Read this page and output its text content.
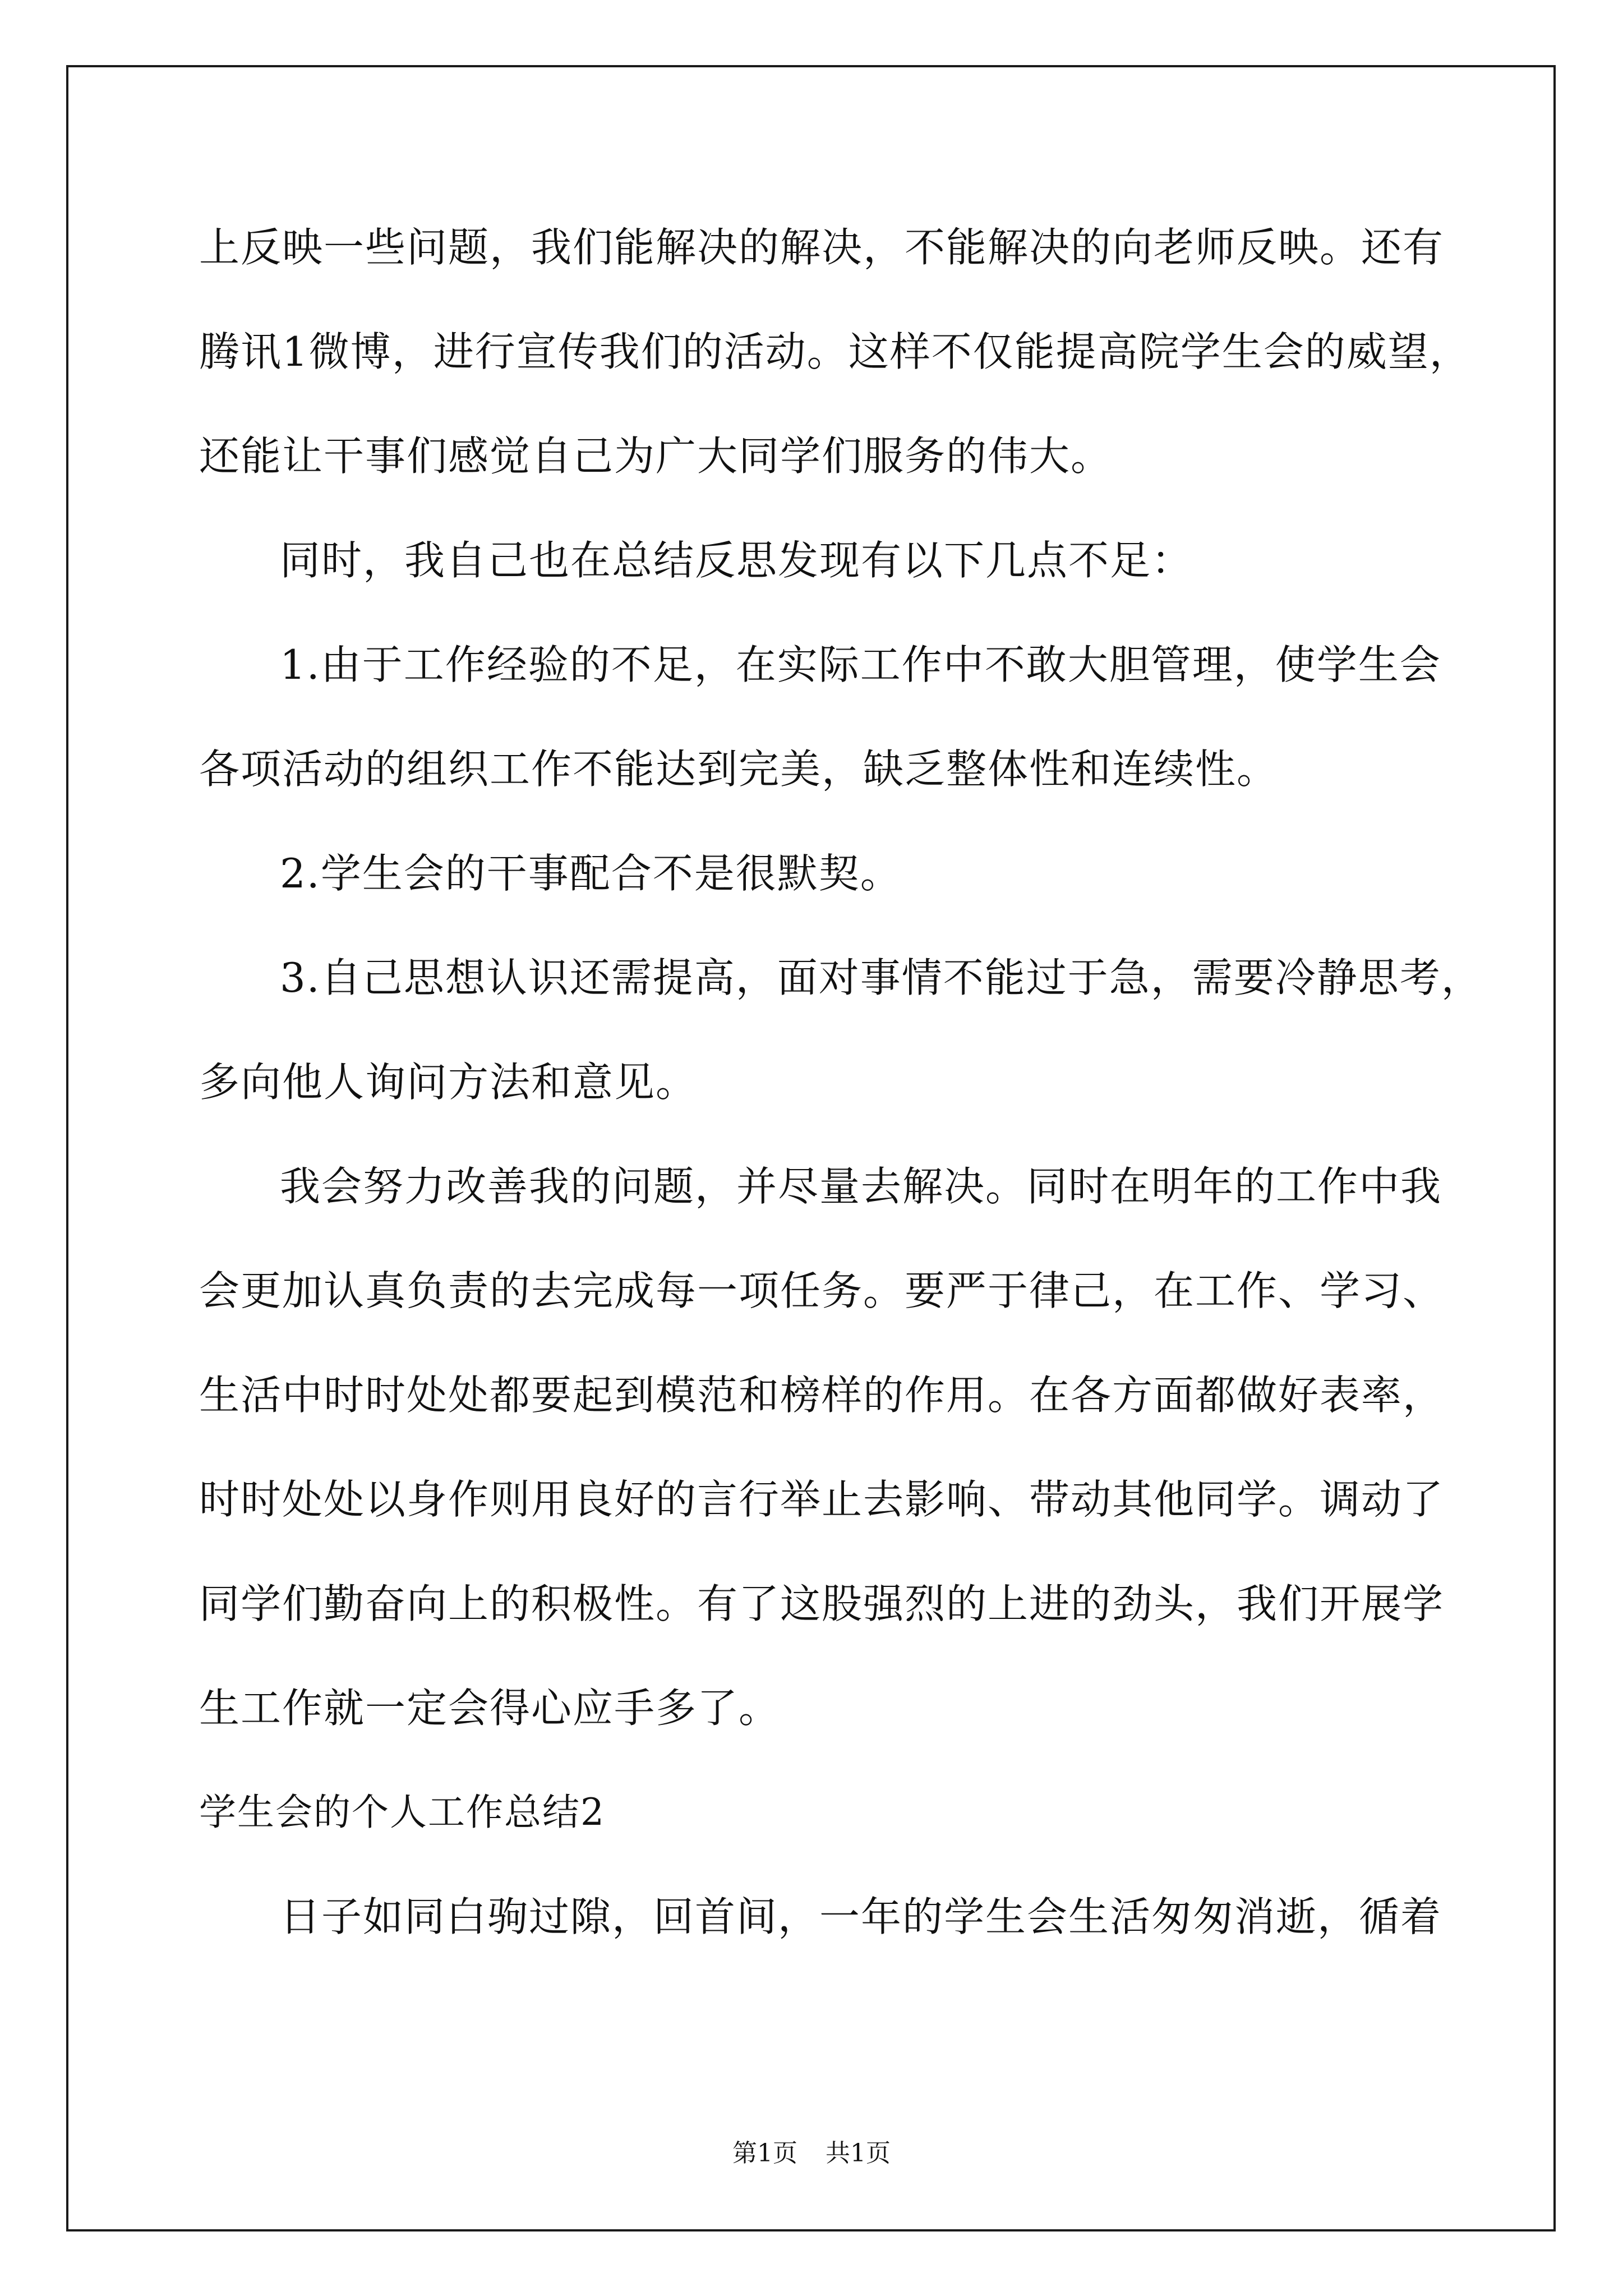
上反映一些问题，我们能解决的解决，不能解决的向老师反映。还有
腾讯1微博，进行宣传我们的活动。这样不仅能提高院学生会的威望，
还能让干事们感觉自己为广大同学们服务的伟大。
同时，我自己也在总结反思发现有以下几点不足：
1.由于工作经验的不足，在实际工作中不敢大胆管理，使学生会
各项活动的组织工作不能达到完美，缺乏整体性和连续性。
2.学生会的干事配合不是很默契。
3.自己思想认识还需提高，面对事情不能过于急，需要冷静思考，
多向他人询问方法和意见。
我会努力改善我的问题，并尽量去解决。同时在明年的工作中我
会更加认真负责的去完成每一项任务。要严于律己，在工作、学习、
生活中时时处处都要起到模范和榜样的作用。在各方面都做好表率，
时时处处以身作则用良好的言行举止去影响、带动其他同学。调动了
同学们勤奋向上的积极性。有了这股强烈的上进的劲头，我们开展学
生工作就一定会得心应手多了。
学生会的个人工作总结2
日子如同白驹过隙，回首间，一年的学生会生活匆匆消逝，循着
第1页 共1页
